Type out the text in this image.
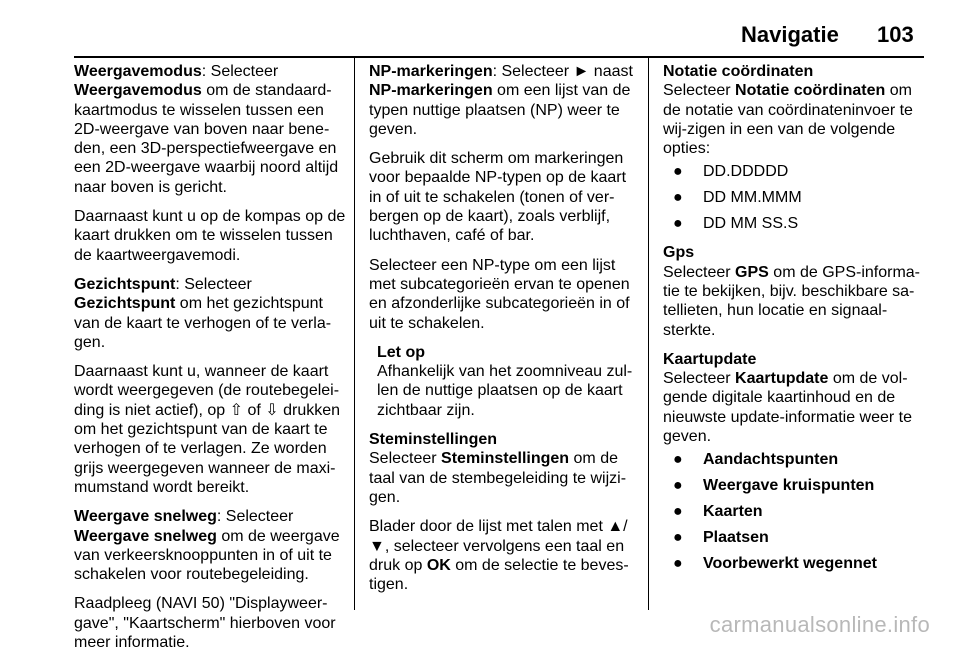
Navigatie 103

Weergavemodus: Selecteer
Weergavemodus om de standaard-kaartmodus te wisselen tussen een 2D-weergave van boven naar bene-den, een 3D-perspectiefweergave en een 2D-weergave waarbij noord altijd naar boven is gericht.

Daarnaast kunt u op de kompas op de kaart drukken om te wisselen tussen de kaartweergavemodi.

Gezichtspunt: Selecteer
Gezichtspunt om het gezichtspunt van de kaart te verhogen of te verla-gen.

Daarnaast kunt u, wanneer de kaart wordt weergegeven (de routebegelei-ding is niet actief), op ⇧ of ⇩ drukken om het gezichtspunt van de kaart te verhogen of te verlagen. Ze worden grijs weergegeven wanneer de maxi-mumstand wordt bereikt.

Weergave snelweg: Selecteer
Weergave snelweg om de weergave van verkeersknooppunten in of uit te schakelen voor routebegeleiding.

Raadpleeg (NAVI 50) "Displayweer-gave", "Kaartscherm" hierboven voor meer informatie.

NP-markeringen: Selecteer ► naast
NP-markeringen om een lijst van de typen nuttige plaatsen (NP) weer te geven.

Gebruik dit scherm om markeringen voor bepaalde NP-typen op de kaart in of uit te schakelen (tonen of ver-bergen op de kaart), zoals verblijf, luchthaven, café of bar.

Selecteer een NP-type om een lijst met subcategorieën ervan te openen en afzonderlijke subcategorieën in of uit te schakelen.

Let op
Afhankelijk van het zoomniveau zul-len de nuttige plaatsen op de kaart zichtbaar zijn.

Steminstellingen
Selecteer Steminstellingen om de taal van de stembegeleiding te wijzi-gen.

Blader door de lijst met talen met ▲/ ▼, selecteer vervolgens een taal en druk op OK om de selectie te beves-tigen.

Notatie coördinaten
Selecteer Notatie coördinaten om de notatie van coördinateninvoer te wij-zigen in een van de volgende opties:

● DD.DDDDD
● DD MM.MMM
● DD MM SS.S

Gps
Selecteer GPS om de GPS-informa-tie te bekijken, bijv. beschikbare sa-tellieten, hun locatie en signaal-sterkte.

Kaartupdate
Selecteer Kaartupdate om de vol-gende digitale kaartinhoud en de nieuwste update-informatie weer te geven.

● Aandachtspunten
● Weergave kruispunten
● Kaarten
● Plaatsen
● Voorbewerkt wegennet
carmanualsonline.info
